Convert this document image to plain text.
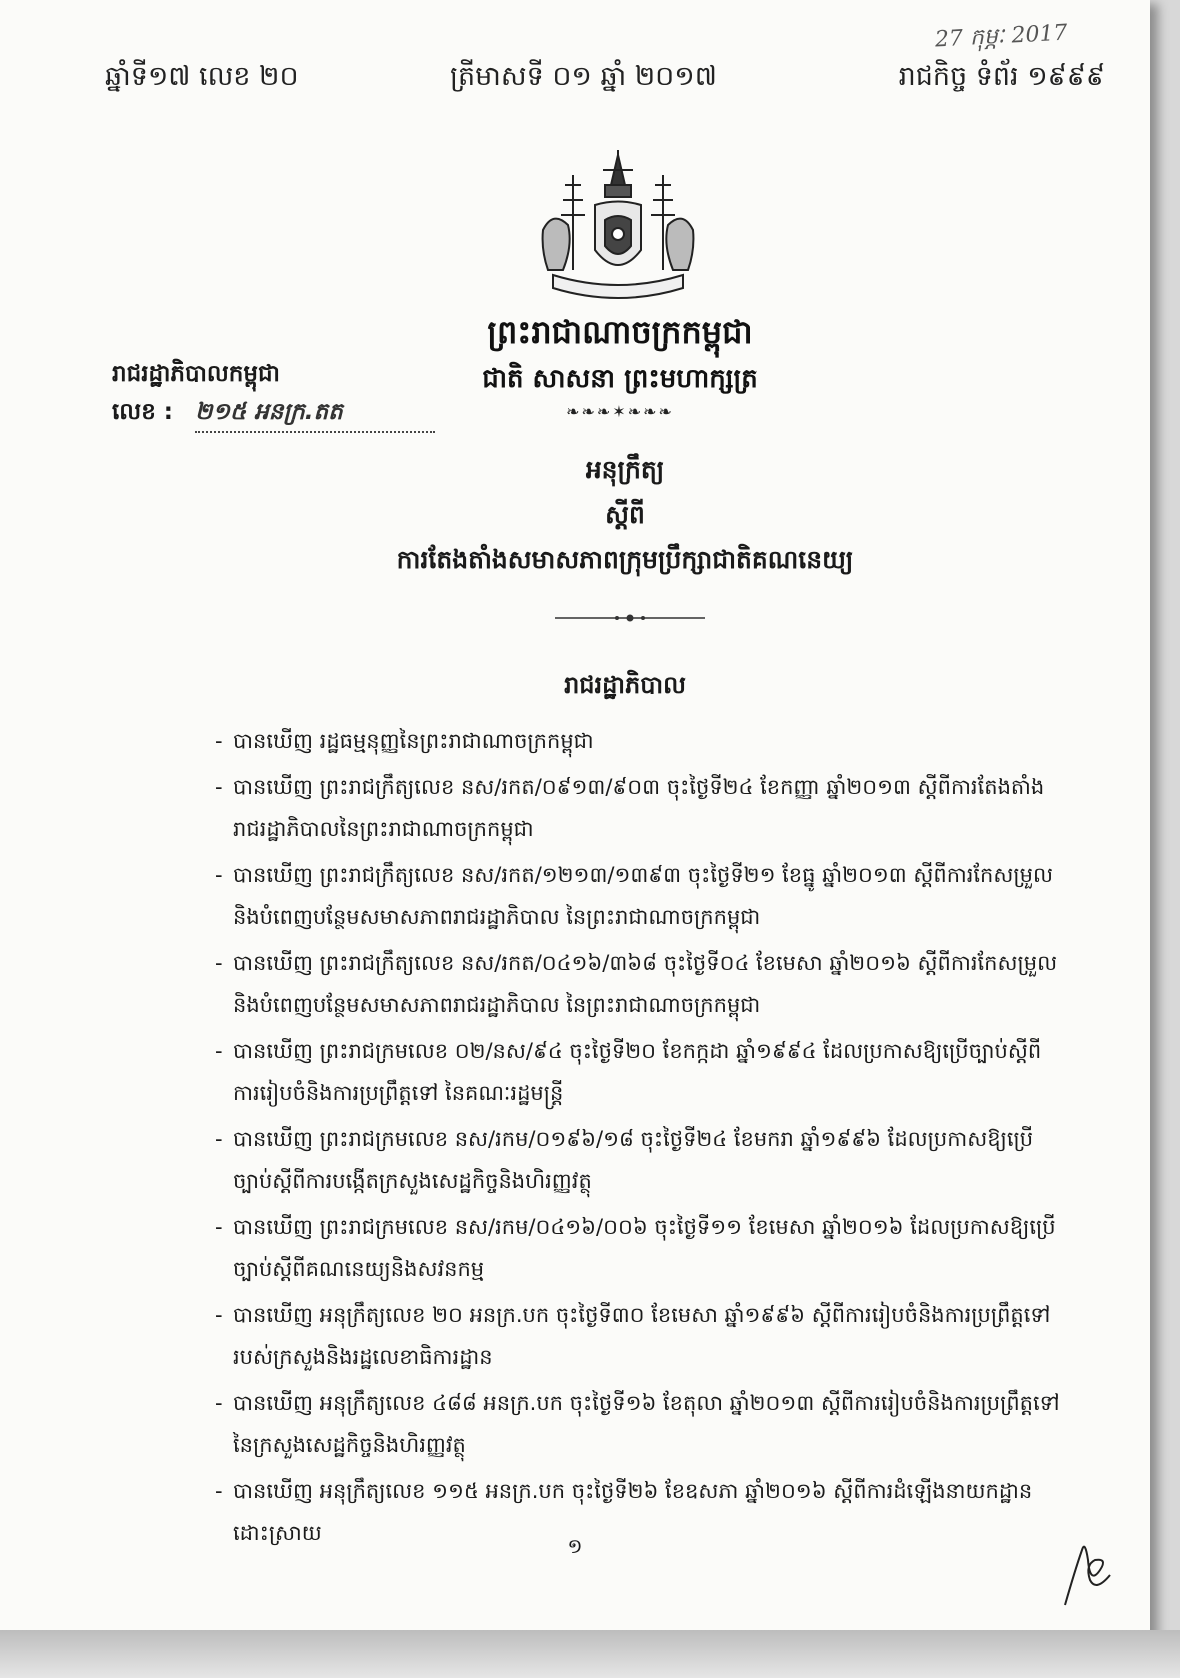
27 កុម្ភៈ 2017
ឆ្នាំទី១៧ លេខ ២០	ត្រីមាសទី ០១ ឆ្នាំ ២០១៧	រាជកិច្ច ទំព័រ ១៩៩៩
ព្រះរាជាណាចក្រកម្ពុជា
ជាតិ សាសនា ព្រះមហាក្សត្រ
❧❧❧✶❧❧❧
រាជរដ្ឋាភិបាលកម្ពុជា
លេខ : ២១៥ អនក្រ.តត
អនុក្រឹត្យ
ស្ដីពី
ការតែងតាំងសមាសភាពក្រុមប្រឹក្សាជាតិគណនេយ្យ
រាជរដ្ឋាភិបាល
- បានឃើញ រដ្ឋធម្មនុញ្ញនៃព្រះរាជាណាចក្រកម្ពុជា
- បានឃើញ ព្រះរាជក្រឹត្យលេខ នស/រកត/០៩១៣/៩០៣ ចុះថ្ងៃទី២៤ ខែកញ្ញា ឆ្នាំ២០១៣ ស្ដីពីការតែងតាំងរាជរដ្ឋាភិបាលនៃព្រះរាជាណាចក្រកម្ពុជា
- បានឃើញ ព្រះរាជក្រឹត្យលេខ នស/រកត/១២១៣/១៣៩៣ ចុះថ្ងៃទី២១ ខែធ្នូ ឆ្នាំ២០១៣ ស្ដីពីការកែសម្រួលនិងបំពេញបន្ថែមសមាសភាពរាជរដ្ឋាភិបាល នៃព្រះរាជាណាចក្រកម្ពុជា
- បានឃើញ ព្រះរាជក្រឹត្យលេខ នស/រកត/០៤១៦/៣៦៨ ចុះថ្ងៃទី០៤ ខែមេសា ឆ្នាំ២០១៦ ស្ដីពីការកែសម្រួលនិងបំពេញបន្ថែមសមាសភាពរាជរដ្ឋាភិបាល នៃព្រះរាជាណាចក្រកម្ពុជា
- បានឃើញ ព្រះរាជក្រមលេខ ០២/នស/៩៤ ចុះថ្ងៃទី២០ ខែកក្កដា ឆ្នាំ១៩៩៤ ដែលប្រកាសឱ្យប្រើច្បាប់ស្ដីពីការរៀបចំនិងការប្រព្រឹត្តទៅ នៃគណៈរដ្ឋមន្ត្រី
- បានឃើញ ព្រះរាជក្រមលេខ នស/រកម/០១៩៦/១៨ ចុះថ្ងៃទី២៤ ខែមករា ឆ្នាំ១៩៩៦ ដែលប្រកាសឱ្យប្រើច្បាប់ស្ដីពីការបង្កើតក្រសួងសេដ្ឋកិច្ចនិងហិរញ្ញវត្ថុ
- បានឃើញ ព្រះរាជក្រមលេខ នស/រកម/០៤១៦/០០៦ ចុះថ្ងៃទី១១ ខែមេសា ឆ្នាំ២០១៦ ដែលប្រកាសឱ្យប្រើច្បាប់ស្ដីពីគណនេយ្យនិងសវនកម្ម
- បានឃើញ អនុក្រឹត្យលេខ ២០ អនក្រ.បក ចុះថ្ងៃទី៣០ ខែមេសា ឆ្នាំ១៩៩៦ ស្ដីពីការរៀបចំនិងការប្រព្រឹត្តទៅរបស់ក្រសួងនិងរដ្ឋលេខាធិការដ្ឋាន
- បានឃើញ អនុក្រឹត្យលេខ ៤៨៨ អនក្រ.បក ចុះថ្ងៃទី១៦ ខែតុលា ឆ្នាំ២០១៣ ស្ដីពីការរៀបចំនិងការប្រព្រឹត្តទៅនៃក្រសួងសេដ្ឋកិច្ចនិងហិរញ្ញវត្ថុ
- បានឃើញ អនុក្រឹត្យលេខ ១១៥ អនក្រ.បក ចុះថ្ងៃទី២៦ ខែឧសភា ឆ្នាំ២០១៦ ស្ដីពីការដំឡើងនាយកដ្ឋានដោះស្រាយ
១
